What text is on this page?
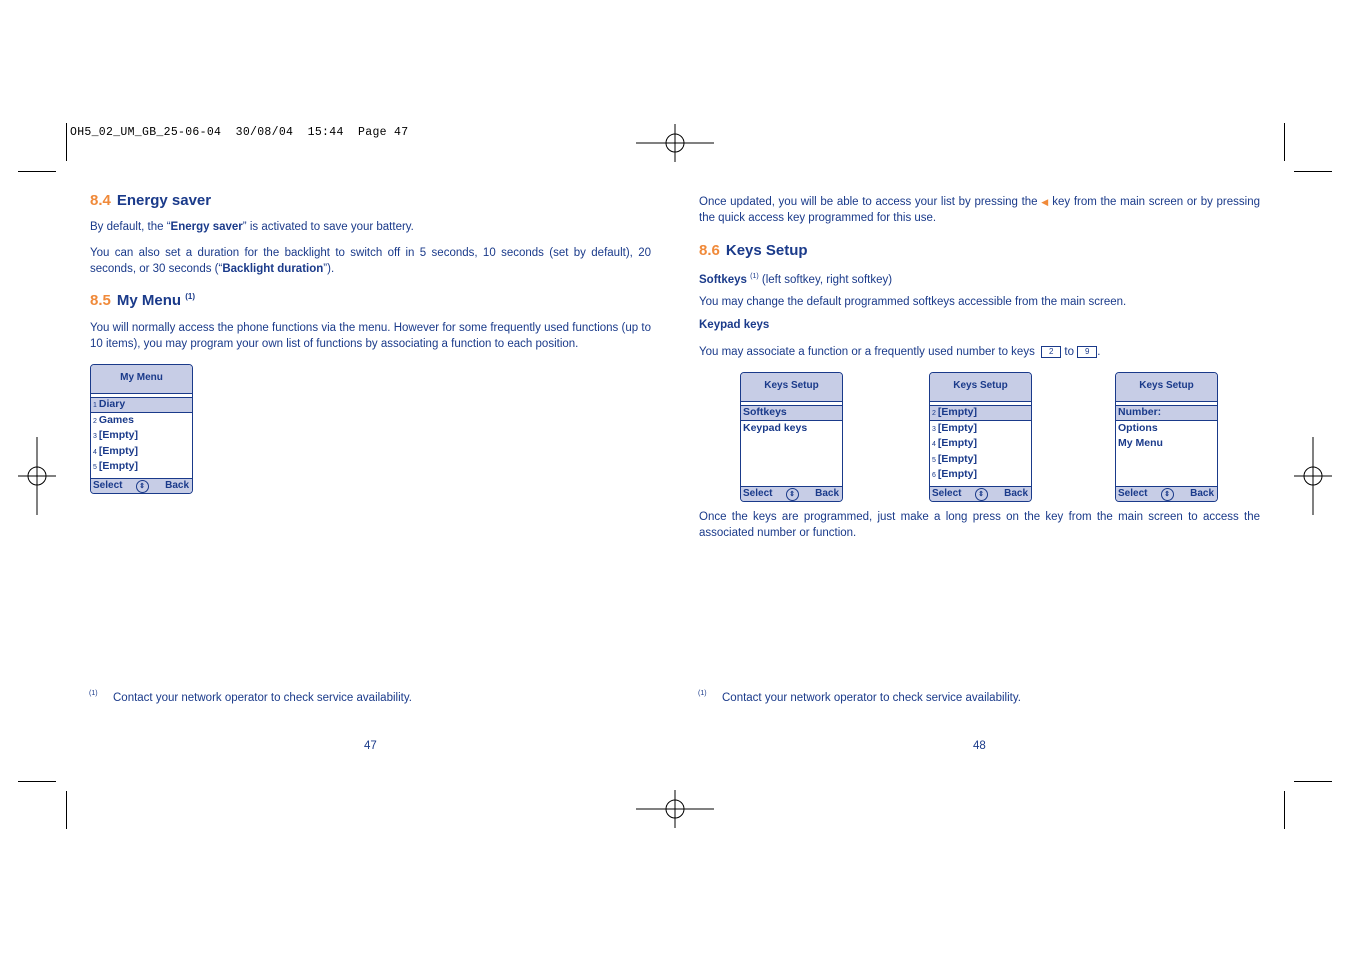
OH5_02_UM_GB_25-06-04  30/08/04  15:44  Page 47
8.4 Energy saver
By default, the “Energy saver” is activated to save your battery.
You can also set a duration for the backlight to switch off in 5 seconds, 10 seconds (set by default), 20 seconds, or 30 seconds (“Backlight duration”).
8.5 My Menu $^{(1)}$
You will normally access the phone functions via the menu. However for some frequently used functions (up to 10 items), you may program your own list of functions by associating a function to each position.
My Menu
1 Diary
2 Games
3 [Empty]
4 [Empty]
5 [Empty]
Select	⇕	Back
(1) Contact your network operator to check service availability.
47
Once updated, you will be able to access your list by pressing the ◀ key from the main screen or by pressing the quick access key programmed for this use.
8.6 Keys Setup
Softkeys $^{(1)}$ (left softkey, right softkey)
You may change the default programmed softkeys accessible from the main screen.
Keypad keys
You may associate a function or a frequently used number to keys 2 to 9 .
Keys Setup
Softkeys
Keypad keys
Select	⇕	Back
Keys Setup
2 [Empty]
3 [Empty]
4 [Empty]
5 [Empty]
6 [Empty]
Select	⇕	Back
Keys Setup
Number:
Options
My Menu
Select	⇕	Back
Once the keys are programmed, just make a long press on the key from the main screen to access the associated number or function.
(1) Contact your network operator to check service availability.
48
